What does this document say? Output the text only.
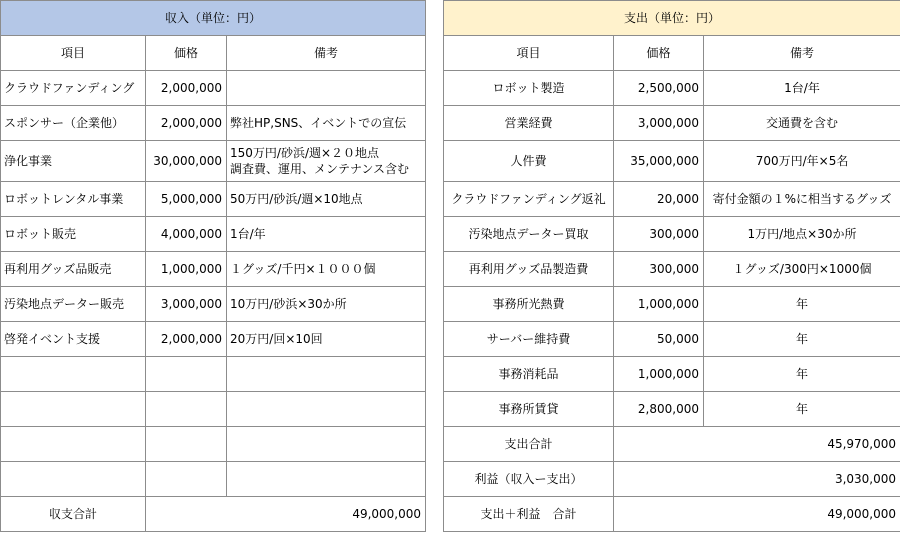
収入（単位：円）		
項目	価格	備考
クラウドファンディング	2,000,000	
スポンサー（企業他）	2,000,000	弊社HP,SNS、イベントでの宣伝
浄化事業	30,000,000	150万円/砂浜/週×２０地点
調査費、運用、メンテナンス含む

ロボットレンタル事業	5,000,000	50万円/砂浜/週×10地点
ロボット販売	4,000,000	1台/年
再利用グッズ品販売	1,000,000	１グッズ/千円×１０００個
汚染地点データー販売	3,000,000	10万円/砂浜×30か所
啓発イベント支援	2,000,000	20万円/回×10回

収支合計	49,000,000	
支出（単位：円）		
項目	価格	備考
ロボット製造	2,500,000	1台/年
営業経費	3,000,000	交通費を含む
人件費	35,000,000	700万円/年×5名
クラウドファンディング返礼	20,000	寄付金額の１%に相当するグッズ
汚染地点データー買取	300,000	1万円/地点×30か所
再利用グッズ品製造費	300,000	１グッズ/300円×1000個
事務所光熱費	1,000,000	年
サーバー維持費	50,000	年
事務消耗品	1,000,000	年
事務所賃貸	2,800,000	年
支出合計	45,970,000	
利益（収入ー支出）	3,030,000	
支出＋利益　合計	49,000,000	
